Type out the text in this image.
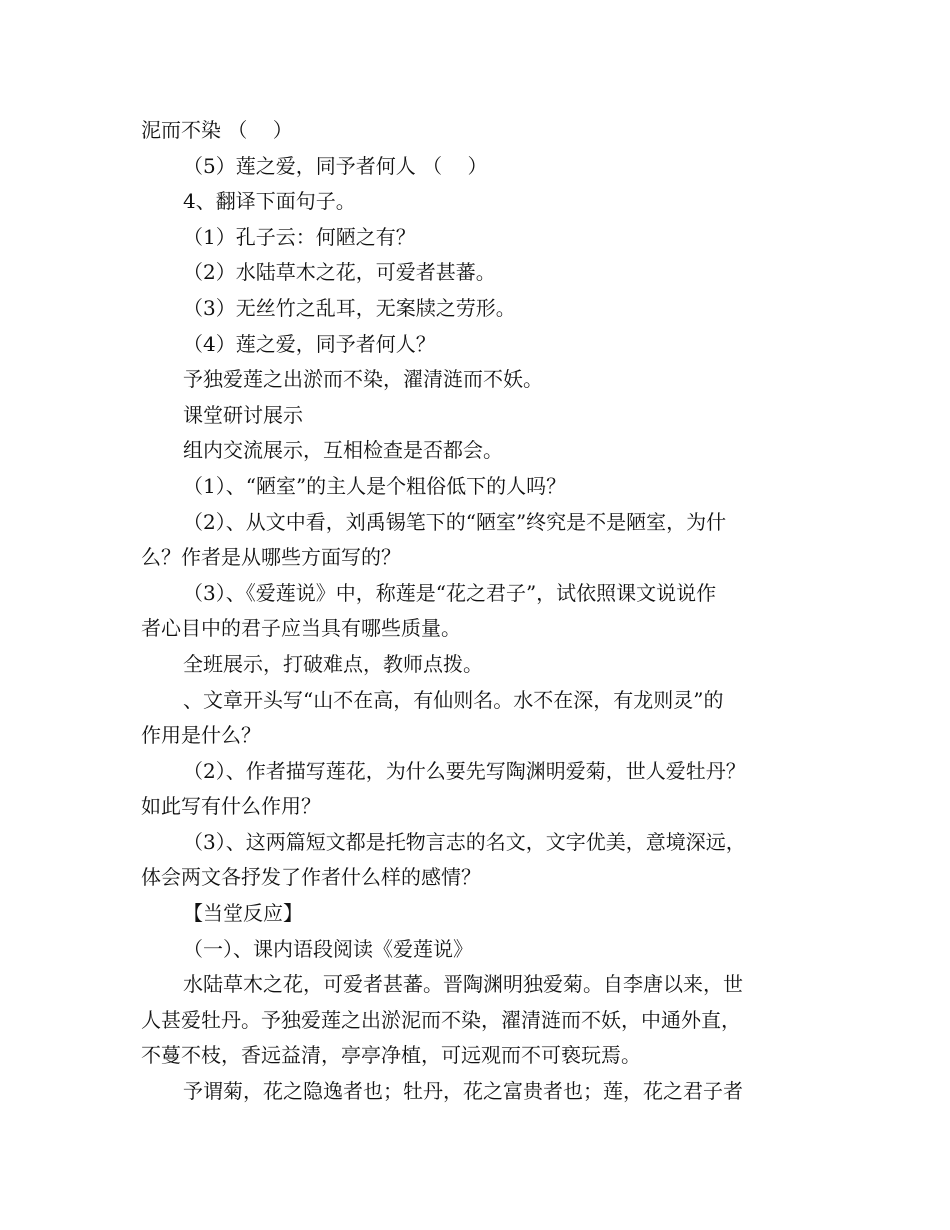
泥而不染 （    ）
（5）莲之爱，同予者何人 （    ）
4、翻译下面句子。
（1）孔子云：何陋之有？
（2）水陆草木之花，可爱者甚蕃。
（3）无丝竹之乱耳，无案牍之劳形。
（4）莲之爱，同予者何人？
予独爱莲之出淤而不染，濯清涟而不妖。
课堂研讨展示
组内交流展示，互相检查是否都会。
（1）、“陋室”的主人是个粗俗低下的人吗？
（2）、从文中看，刘禹锡笔下的“陋室”终究是不是陋室，为什
么？作者是从哪些方面写的？
（3）、《爱莲说》中，称莲是“花之君子”，试依照课文说说作
者心目中的君子应当具有哪些质量。
全班展示，打破难点，教师点拨。
、文章开头写“山不在高，有仙则名。水不在深，有龙则灵”的
作用是什么？
（2）、作者描写莲花，为什么要先写陶渊明爱菊，世人爱牡丹？
如此写有什么作用？
（3）、这两篇短文都是托物言志的名文，文字优美，意境深远，
体会两文各抒发了作者什么样的感情？
【当堂反应】
（一）、课内语段阅读《爱莲说》
水陆草木之花，可爱者甚蕃。晋陶渊明独爱菊。自李唐以来，世
人甚爱牡丹。予独爱莲之出淤泥而不染，濯清涟而不妖，中通外直，
不蔓不枝，香远益清，亭亭净植，可远观而不可亵玩焉。
予谓菊，花之隐逸者也；牡丹，花之富贵者也；莲，花之君子者
